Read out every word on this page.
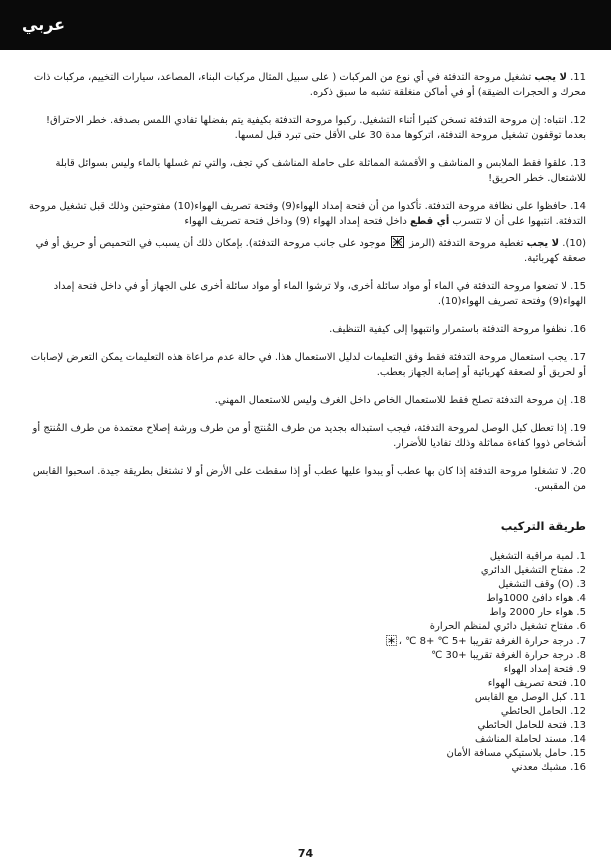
عربي

11. لا يجب تشغيل مروحة التدفئة في أي نوع من المركبات ( على سبيل المثال مركبات البناء، المصاعد، سيارات التخييم، مركبات ذات محرك و الحجرات الضيقة) أو في أماكن منغلقة تشبه ما سبق ذكره.

12. انتباه: إن مروحة التدفئة تسخن كثيرا أثناء التشغيل. ركبوا مروحة التدفئة بكيفية يتم بفضلها تفادي اللمس بصدفة. خطر الاحتراق! بعدما توقفون تشغيل مروحة التدفئة، اتركوها مدة 30 على الأقل حتى تبرد قبل لمسها.

13. علقوا فقط الملابس و المناشف و الأقمشة المماثلة على حاملة المناشف كي تجف، والتي تم غسلها بالماء وليس بسوائل قابلة للاشتعال. خطر الحريق!

14. حافظوا على نظافة مروحة التدفئة. تأكدوا من أن فتحة إمداد الهواء(9) وفتحة تصريف الهواء(10) مفتوحتين وذلك قبل تشغيل مروحة التدفئة. انتبهوا على أن لا تتسرب أي قطع داخل فتحة إمداد الهواء (9) وداخل فتحة تصريف الهواء

(10). لا يجب تغطية مروحة التدفئة (الرمز  موجود على جانب مروحة التدفئة). بإمكان ذلك أن يسبب في التحميص أو حريق أو في صعقة كهربائية.

15. لا تضعوا مروحة التدفئة في الماء أو مواد سائلة أخرى، ولا ترشوا الماء أو مواد سائلة أخرى على الجهاز أو في داخل فتحة إمداد الهواء(9) وفتحة تصريف الهواء(10).

16. نظفوا مروحة التدفئة باستمرار وانتبهوا إلى كيفية التنظيف.

17. يجب استعمال مروحة التدفئة فقط وفق التعليمات لدليل الاستعمال هذا. في حالة عدم مراعاة هذه التعليمات يمكن التعرض لإصابات أو لحريق أو لصعقة كهربائية أو إصابة الجهاز بعطب.

18. إن مروحة التدفئة تصلح فقط للاستعمال الخاص داخل الغرف وليس للاستعمال المهني.

19. إذا تعطل كبل الوصل لمروحة التدفئة، فيجب استبداله بجديد من طرف المُنتج أو من طرف ورشة إصلاح معتمدة من طرف المُنتج أو أشخاص ذووا كفاءة مماثلة وذلك تفاديا للأضرار.

20. لا تشغلوا مروحة التدفئة إذا كان بها عطب أو يبدوا عليها عطب أو إذا سقطت على الأرض أو لا تشتغل بطريقة جيدة. اسحبوا القابس من المقبس.

طريقة التركيب
1. لمبة مراقبة التشغيل
2. مفتاح التشغيل الدائري
3. (O) وقف التشغيل
4. هواء دافئ 1000واط
5. هواء حار 2000 واط
6. مفتاح تشغيل دائري لمنظم الحرارة
7. درجة حرارة الغرفة تقريبا +5 ℃ +8 ℃ ،
8. درجة حرارة الغرفة تقريبا +30 ℃
9. فتحة إمداد الهواء
10. فتحة تصريف الهواء
11. كبل الوصل مع القابس
12. الحامل الحائطي
13. فتحة للحامل الحائطي
14. مسند لحاملة المناشف
15. حامل بلاستيكي مسافة الأمان
16. مشبك معدني
74
